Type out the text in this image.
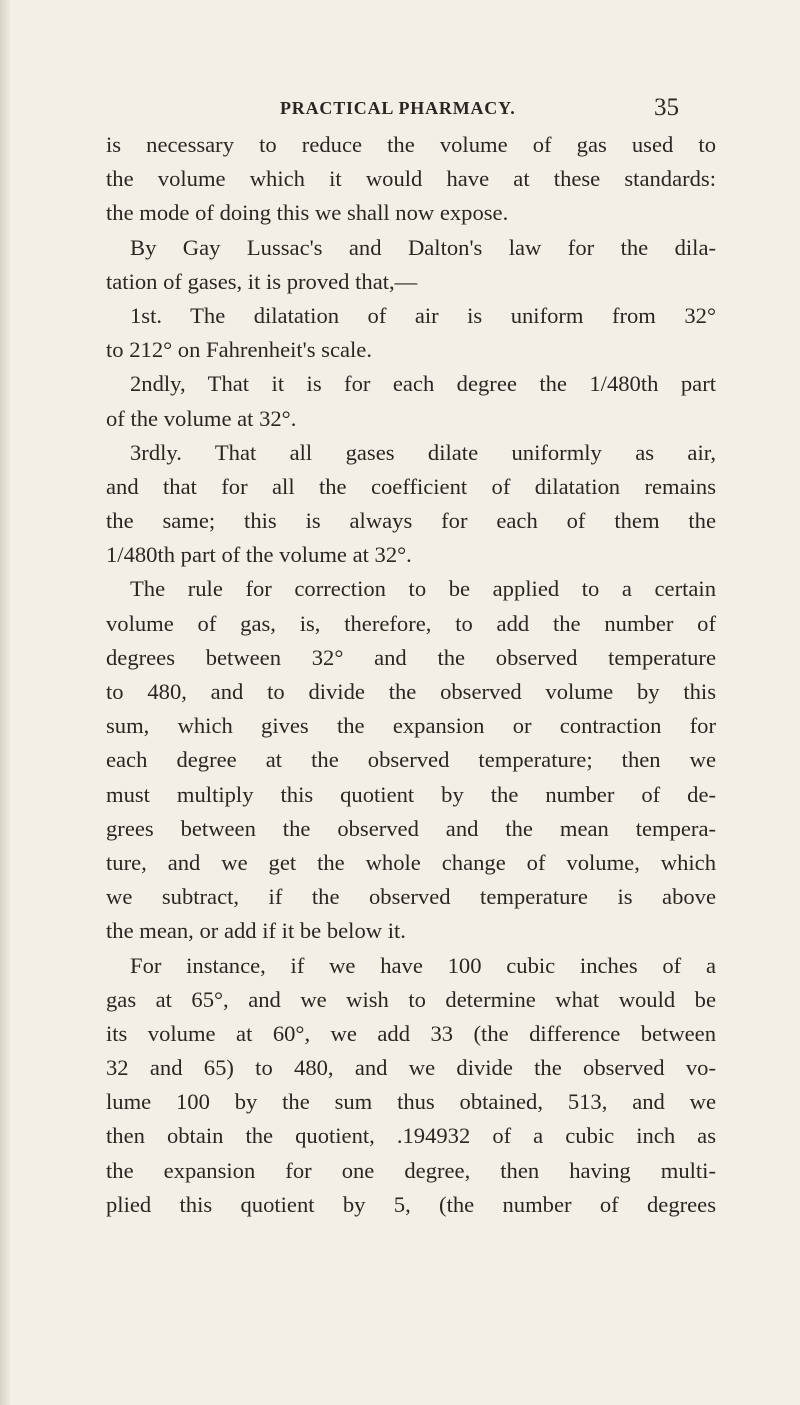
PRACTICAL PHARMACY.	35
is necessary to reduce the volume of gas used to
the volume which it would have at these standards:
the mode of doing this we shall now expose.
By Gay Lussac's and Dalton's law for the dila-
tation of gases, it is proved that,—
1st. The dilatation of air is uniform from 32°
to 212° on Fahrenheit's scale.
2ndly, That it is for each degree the 1/480th part
of the volume at 32°.
3rdly. That all gases dilate uniformly as air,
and that for all the coefficient of dilatation remains
the same; this is always for each of them the
1/480th part of the volume at 32°.
The rule for correction to be applied to a certain
volume of gas, is, therefore, to add the number of
degrees between 32° and the observed temperature
to 480, and to divide the observed volume by this
sum, which gives the expansion or contraction for
each degree at the observed temperature; then we
must multiply this quotient by the number of de-
grees between the observed and the mean tempera-
ture, and we get the whole change of volume, which
we subtract, if the observed temperature is above
the mean, or add if it be below it.
For instance, if we have 100 cubic inches of a
gas at 65°, and we wish to determine what would be
its volume at 60°, we add 33 (the difference between
32 and 65) to 480, and we divide the observed vo-
lume 100 by the sum thus obtained, 513, and we
then obtain the quotient, .194932 of a cubic inch as
the expansion for one degree, then having multi-
plied this quotient by 5, (the number of degrees
